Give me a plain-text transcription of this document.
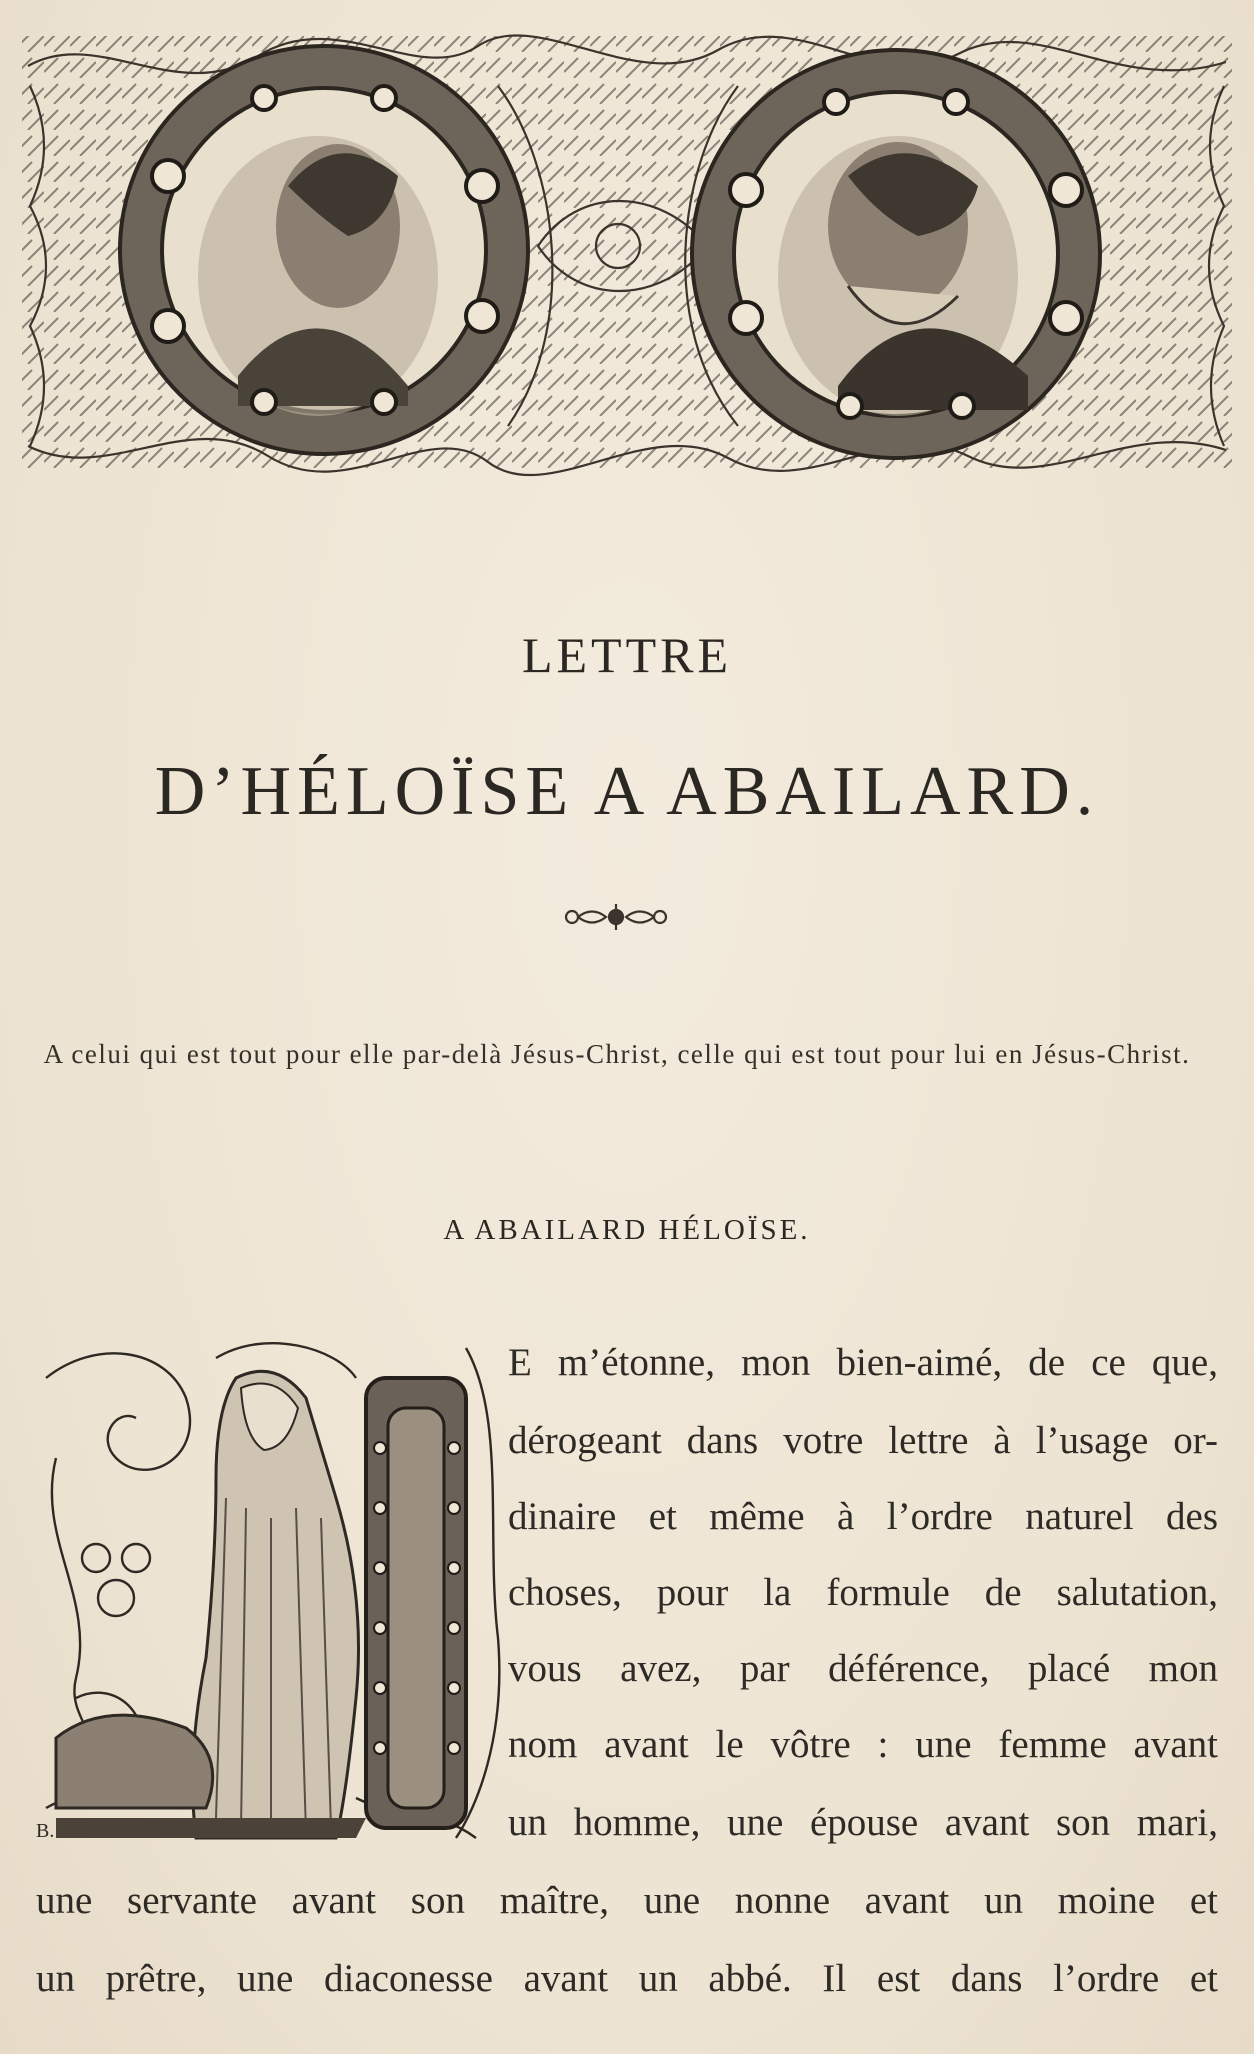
LETTRE
D’HÉLOÏSE A ABAILARD.
A celui qui est tout pour elle par-delà Jésus-Christ, celle qui est tout pour lui en Jésus-Christ.
A ABAILARD HÉLOÏSE.
B.
E m’étonne, mon bien-aimé, de ce que,
dérogeant dans votre lettre à l’usage or-
dinaire et même à l’ordre naturel des
choses, pour la formule de salutation,
vous avez, par déférence, placé mon
nom avant le vôtre : une femme avant
un homme, une épouse avant son mari,
une servante avant son maître, une nonne avant un moine et
un prêtre, une diaconesse avant un abbé. Il est dans l’ordre et
